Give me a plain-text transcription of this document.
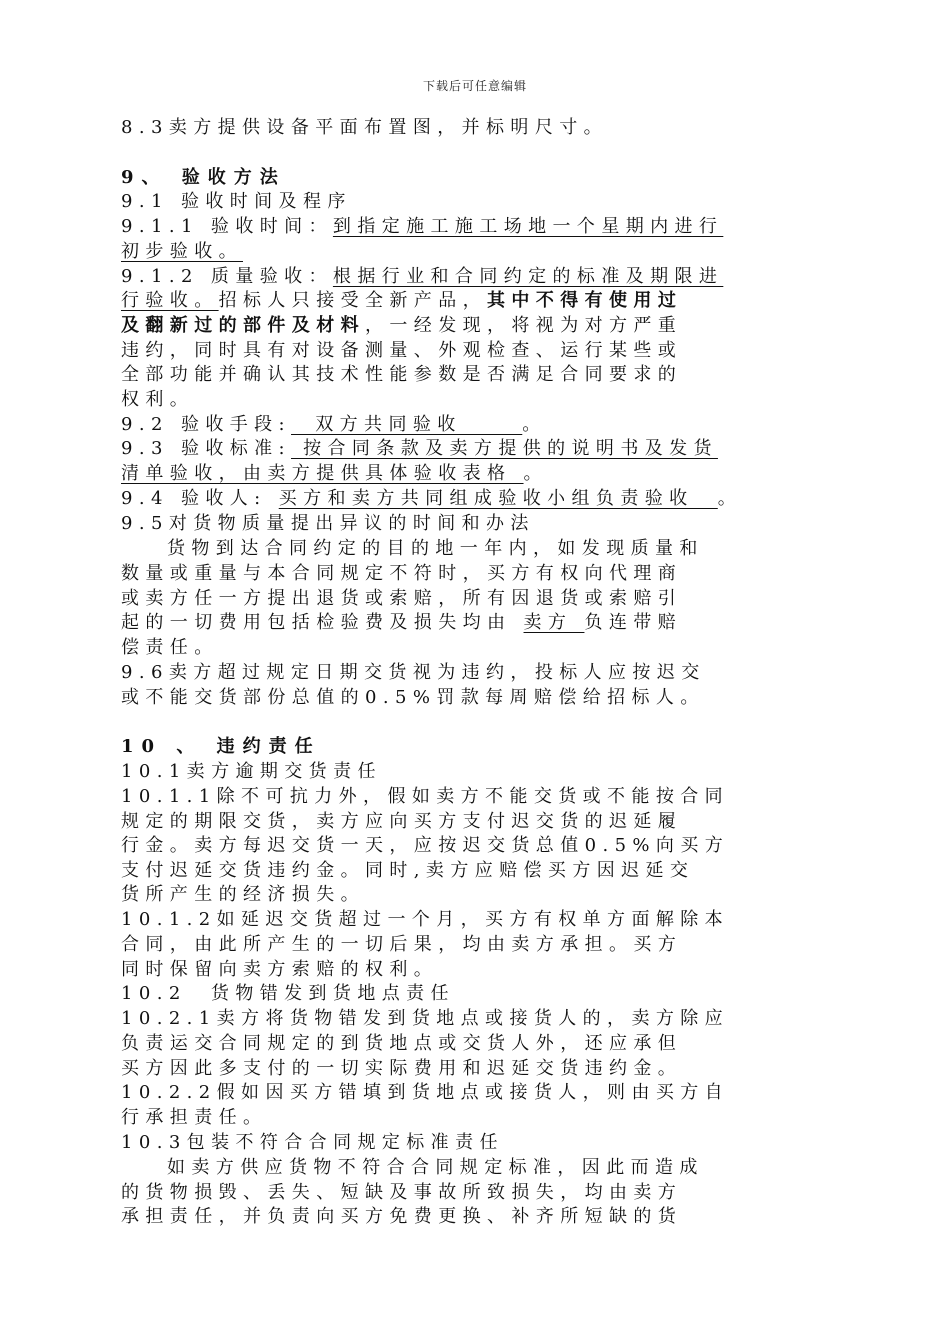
下载后可任意编辑
8.3卖方提供设备平面布置图，并标明尺寸。
9、 验收方法
9.1 验收时间及程序
9.1.1 验收时间：到指定施工施工场地一个星期内进行
初步验收。
9.1.2 质量验收：根据行业和合同约定的标准及期限进
行验收。招标人只接受全新产品，其中不得有使用过
及翻新过的部件及材料，一经发现，将视为对方严重
违约，同时具有对设备测量、外观检查、运行某些或
全部功能并确认其技术性能参数是否满足合同要求的
权利。
9.2 验收手段:  双方共同验收     。
9.3 验收标准: 按合同条款及卖方提供的说明书及发货
清单验收，由卖方提供具体验收表格 。
9.4 验收人: 买方和卖方共同组成验收小组负责验收  。
9.5对货物质量提出异议的时间和办法
货物到达合同约定的目的地一年内，如发现质量和
数量或重量与本合同规定不符时，买方有权向代理商
或卖方任一方提出退货或索赔，所有因退货或索赔引
起的一切费用包括检验费及损失均由 卖方 负连带赔
偿责任。
9.6卖方超过规定日期交货视为违约，投标人应按迟交
或不能交货部份总值的0.5%罚款每周赔偿给招标人。
10 、 违约责任
10.1卖方逾期交货责任
10.1.1除不可抗力外，假如卖方不能交货或不能按合同
规定的期限交货，卖方应向买方支付迟交货的迟延履
行金。卖方每迟交货一天，应按迟交货总值0.5%向买方
支付迟延交货违约金。同时,卖方应赔偿买方因迟延交
货所产生的经济损失。
10.1.2如延迟交货超过一个月，买方有权单方面解除本
合同，由此所产生的一切后果，均由卖方承担。买方
同时保留向卖方索赔的权利。
10.2  货物错发到货地点责任
10.2.1卖方将货物错发到货地点或接货人的，卖方除应
负责运交合同规定的到货地点或交货人外，还应承但
买方因此多支付的一切实际费用和迟延交货违约金。
10.2.2假如因买方错填到货地点或接货人，则由买方自
行承担责任。
10.3包装不符合合同规定标准责任
如卖方供应货物不符合合同规定标准，因此而造成
的货物损毁、丢失、短缺及事故所致损失，均由卖方
承担责任，并负责向买方免费更换、补齐所短缺的货
